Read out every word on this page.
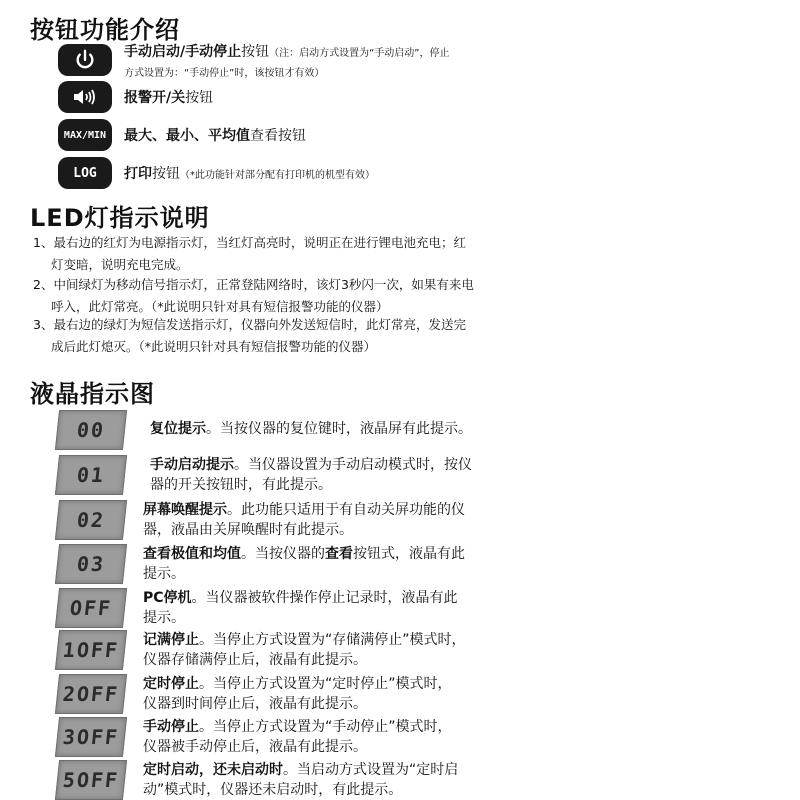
按钮功能介绍
手动启动/手动停止按钮（注：启动方式设置为“手动启动”，停止
方式设置为：“手动停止”时，该按钮才有效）
报警开/关按钮
MAX/MIN	最大、最小、平均值查看按钮
LOG	打印按钮（*此功能针对部分配有打印机的机型有效）
LED灯指示说明
1、最右边的红灯为电源指示灯，当红灯高亮时，说明正在进行锂电池充电；红
灯变暗，说明充电完成。
2、中间绿灯为移动信号指示灯，正常登陆网络时，该灯3秒闪一次，如果有来电
呼入，此灯常亮。（*此说明只针对具有短信报警功能的仪器）
3、最右边的绿灯为短信发送指示灯，仪器向外发送短信时，此灯常亮，发送完
成后此灯熄灭。（*此说明只针对具有短信报警功能的仪器）
液晶指示图
00	复位提示。当按仪器的复位键时，液晶屏有此提示。
01	手动启动提示。当仪器设置为手动启动模式时，按仪
器的开关按钮时，有此提示。
02	屏幕唤醒提示。此功能只适用于有自动关屏功能的仪
器，液晶由关屏唤醒时有此提示。
03	查看极值和均值。当按仪器的查看按钮式，液晶有此
提示。
OFF	PC停机。当仪器被软件操作停止记录时，液晶有此
提示。
1OFF	记满停止。当停止方式设置为“存储满停止”模式时，
仪器存储满停止后，液晶有此提示。
2OFF	定时停止。当停止方式设置为“定时停止”模式时，
仪器到时间停止后，液晶有此提示。
3OFF	手动停止。当停止方式设置为“手动停止”模式时，
仪器被手动停止后，液晶有此提示。
5OFF	定时启动，还未启动时。当启动方式设置为“定时启
动”模式时，仪器还未启动时，有此提示。
